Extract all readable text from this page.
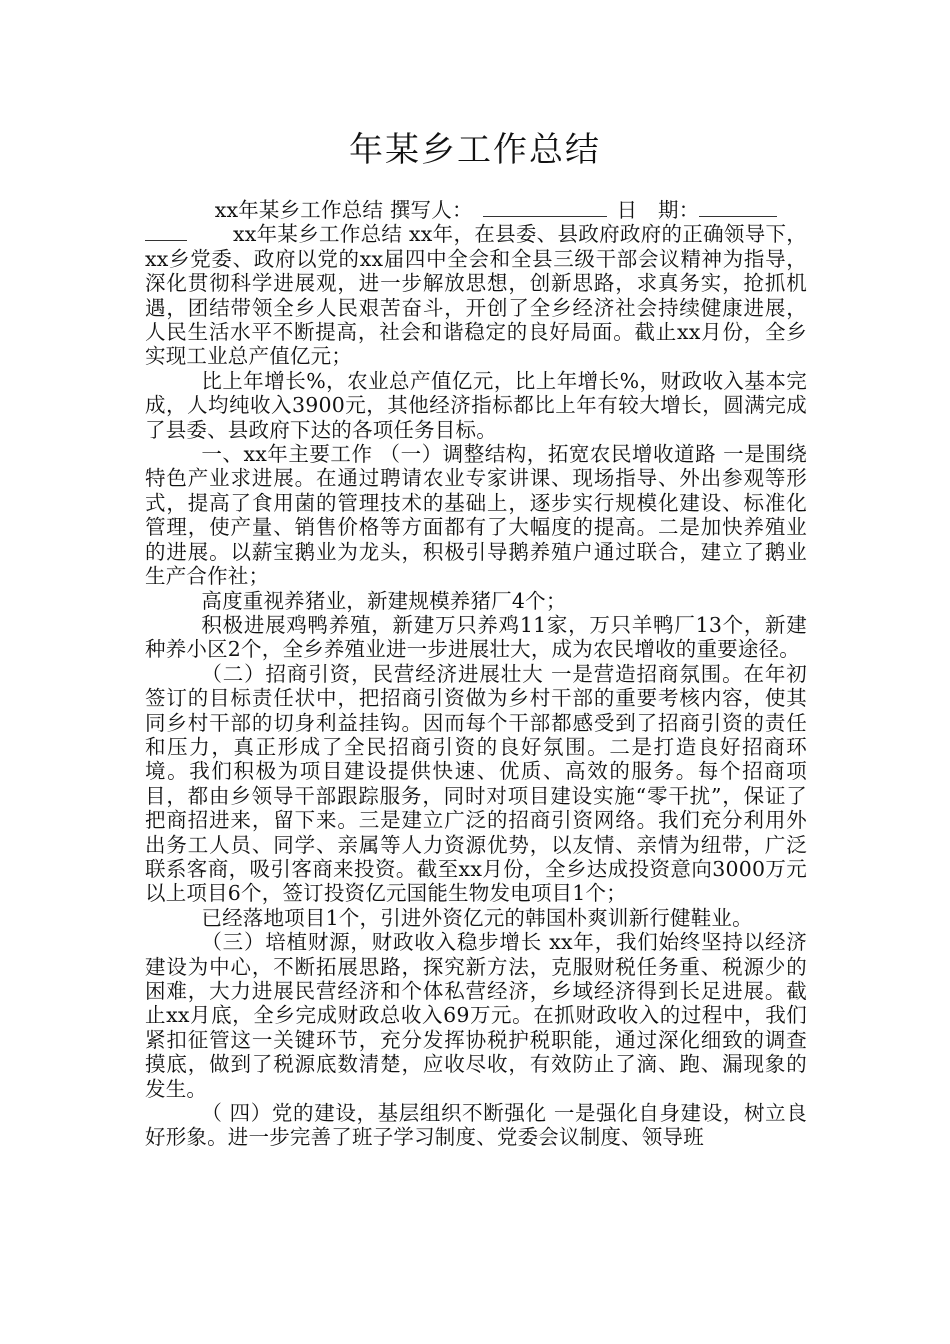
年某乡工作总结

xx年某乡工作总结 撰写人：	日　期：
xx年某乡工作总结 xx年，在县委、县政府政府的正确领导下，xx乡党委、政府以党的xx届四中全会和全县三级干部会议精神为指导，深化贯彻科学进展观，进一步解放思想，创新思路，求真务实，抢抓机遇，团结带领全乡人民艰苦奋斗，开创了全乡经济社会持续健康进展，人民生活水平不断提高，社会和谐稳定的良好局面。截止xx月份，全乡实现工业总产值亿元；

比上年增长%，农业总产值亿元，比上年增长%，财政收入基本完成，人均纯收入3900元，其他经济指标都比上年有较大增长，圆满完成了县委、县政府下达的各项任务目标。

一、xx年主要工作 （一）调整结构，拓宽农民增收道路 一是围绕特色产业求进展。在通过聘请农业专家讲课、现场指导、外出参观等形式，提高了食用菌的管理技术的基础上，逐步实行规模化建设、标准化管理，使产量、销售价格等方面都有了大幅度的提高。二是加快养殖业的进展。以薪宝鹅业为龙头，积极引导鹅养殖户通过联合，建立了鹅业生产合作社；

高度重视养猪业，新建规模养猪厂4个；

积极进展鸡鸭养殖，新建万只养鸡11家，万只羊鸭厂13个，新建种养小区2个，全乡养殖业进一步进展壮大，成为农民增收的重要途径。

（二）招商引资，民营经济进展壮大 一是营造招商氛围。在年初签订的目标责任状中，把招商引资做为乡村干部的重要考核内容，使其同乡村干部的切身利益挂钩。因而每个干部都感受到了招商引资的责任和压力，真正形成了全民招商引资的良好氛围。二是打造良好招商环境。我们积极为项目建设提供快速、优质、高效的服务。每个招商项目，都由乡领导干部跟踪服务，同时对项目建设实施“零干扰”，保证了把商招进来，留下来。三是建立广泛的招商引资网络。我们充分利用外出务工人员、同学、亲属等人力资源优势，以友情、亲情为纽带，广泛联系客商，吸引客商来投资。截至xx月份，全乡达成投资意向3000万元以上项目6个，签订投资亿元国能生物发电项目1个；

已经落地项目1个，引进外资亿元的韩国朴爽训新行健鞋业。

（三）培植财源，财政收入稳步增长 xx年，我们始终坚持以经济建设为中心，不断拓展思路，探究新方法，克服财税任务重、税源少的困难，大力进展民营经济和个体私营经济，乡域经济得到长足进展。截止xx月底，全乡完成财政总收入69万元。在抓财政收入的过程中，我们紧扣征管这一关键环节，充分发挥协税护税职能，通过深化细致的调查摸底，做到了税源底数清楚，应收尽收，有效防止了滴、跑、漏现象的发生。

（ 四）党的建设，基层组织不断强化 一是强化自身建设，树立良好形象。进一步完善了班子学习制度、党委会议制度、领导班
